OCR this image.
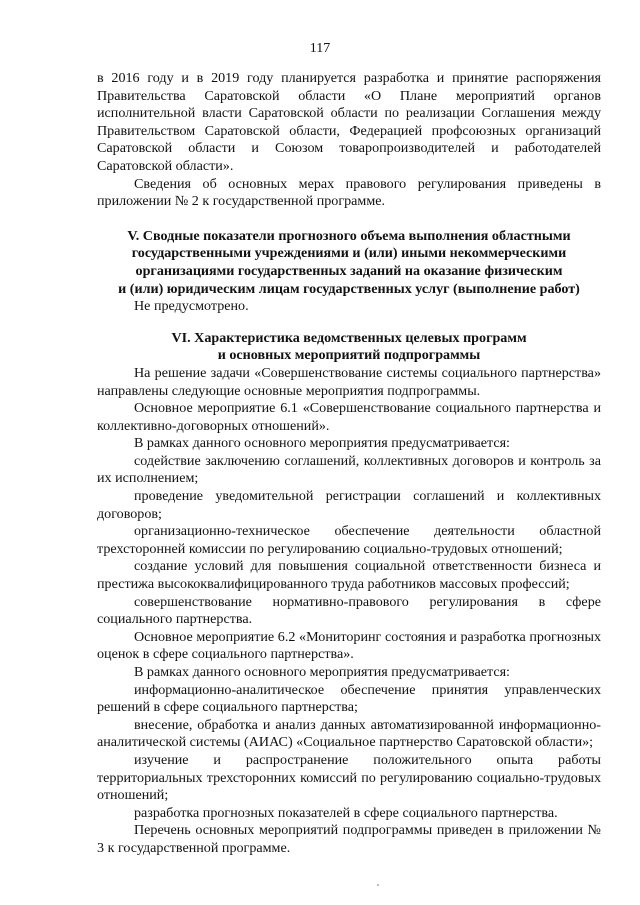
117

в 2016 году и в 2019 году планируется разработка и принятие распоряжения Правительства Саратовской области «О Плане мероприятий органов исполнительной власти Саратовской области по реализации Соглашения между Правительством Саратовской области, Федерацией профсоюзных организаций Саратовской области и Союзом товаропроизводителей и работодателей Саратовской области».

Сведения об основных мерах правового регулирования приведены в приложении № 2 к государственной программе.

V. Сводные показатели прогнозного объема выполнения областными

государственными учреждениями и (или) иными некоммерческими

организациями государственных заданий на оказание физическим

и (или) юридическим лицам государственных услуг (выполнение работ)

Не предусмотрено.

VI. Характеристика ведомственных целевых программ

и основных мероприятий подпрограммы

На решение задачи «Совершенствование системы социального партнерства» направлены следующие основные мероприятия подпрограммы.

Основное мероприятие 6.1 «Совершенствование социального партнерства и коллективно-договорных отношений».

В рамках данного основного мероприятия предусматривается:

содействие заключению соглашений, коллективных договоров и контроль за их исполнением;

проведение уведомительной регистрации соглашений и коллективных договоров;

организационно-техническое обеспечение деятельности областной трехсторонней комиссии по регулированию социально-трудовых отношений;

создание условий для повышения социальной ответственности бизнеса и престижа высококвалифицированного труда работников массовых профессий;

совершенствование нормативно-правового регулирования в сфере социального партнерства.

Основное мероприятие 6.2 «Мониторинг состояния и разработка прогнозных оценок в сфере социального партнерства».

В рамках данного основного мероприятия предусматривается:

информационно-аналитическое обеспечение принятия управленческих решений в сфере социального партнерства;

внесение, обработка и анализ данных автоматизированной информационно-аналитической системы (АИАС) «Социальное партнерство Саратовской области»;

изучение и распространение положительного опыта работы территориальных трехсторонних комиссий по регулированию социально-трудовых отношений;

разработка прогнозных показателей в сфере социального партнерства.

Перечень основных мероприятий подпрограммы приведен в приложении № 3 к государственной программе.
